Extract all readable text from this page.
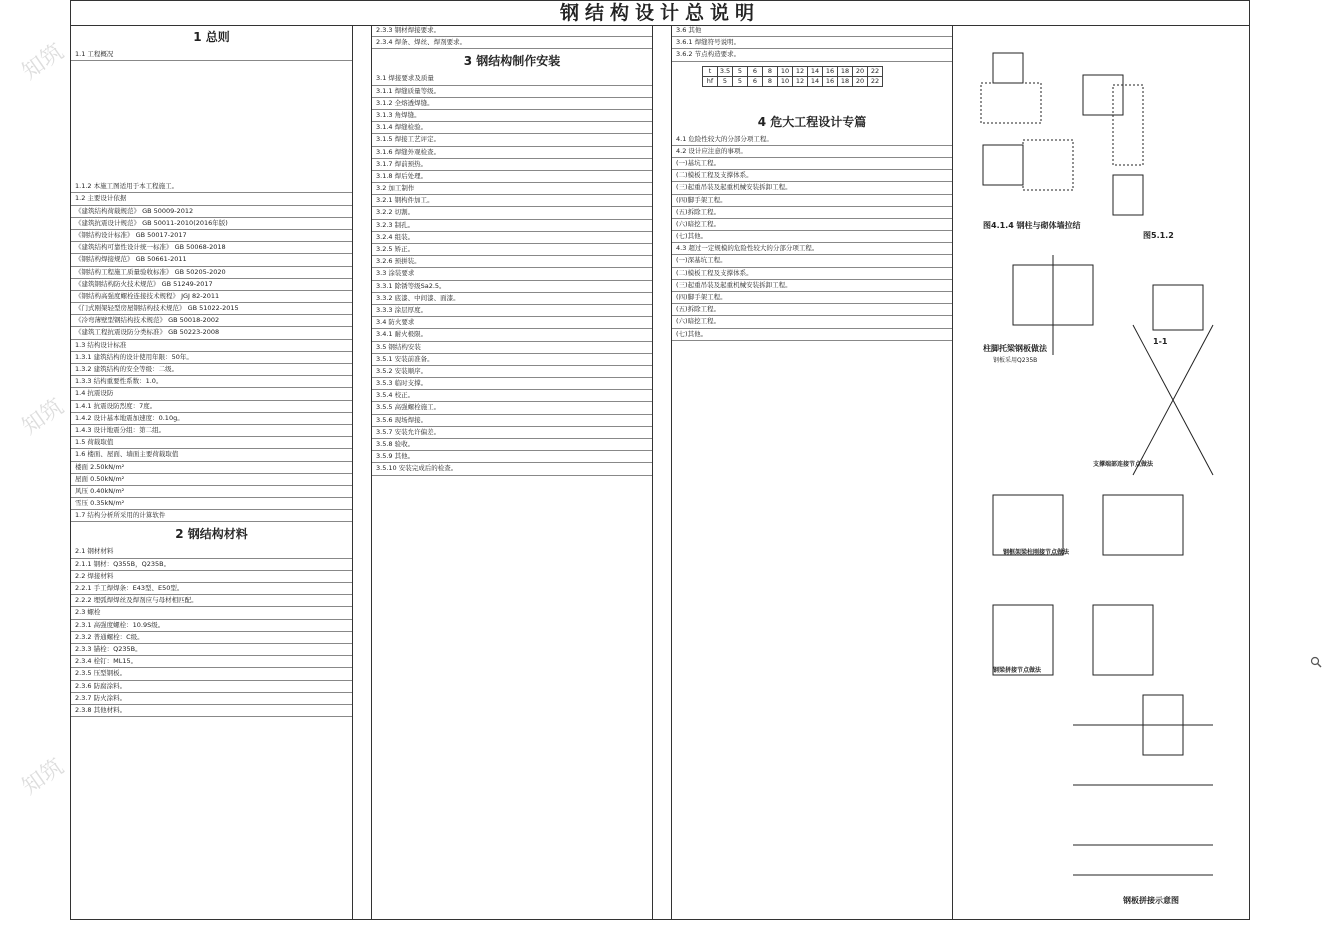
钢结构设计总说明
1 总则
1.1 工程概况
1.1.2 本施工图适用于本工程施工。
1.2 主要设计依据
《建筑结构荷载规范》 GB 50009-2012
《建筑抗震设计规范》 GB 50011-2010(2016年版)
《钢结构设计标准》 GB 50017-2017
《建筑结构可靠性设计统一标准》 GB 50068-2018
《钢结构焊接规范》 GB 50661-2011
《钢结构工程施工质量验收标准》 GB 50205-2020
《建筑钢结构防火技术规范》 GB 51249-2017
《钢结构高强度螺栓连接技术规程》 JGJ 82-2011
《门式刚架轻型房屋钢结构技术规范》 GB 51022-2015
《冷弯薄壁型钢结构技术规范》 GB 50018-2002
《建筑工程抗震设防分类标准》 GB 50223-2008
1.3 结构设计标准
1.3.1 建筑结构的设计使用年限：50年。
1.3.2 建筑结构的安全等级：二级。
1.3.3 结构重要性系数：1.0。
1.4 抗震设防
1.4.1 抗震设防烈度：7度。
1.4.2 设计基本地震加速度：0.10g。
1.4.3 设计地震分组：第二组。
1.5 荷载取值
1.6 楼面、屋面、墙面主要荷载取值
楼面 2.50kN/m²
屋面 0.50kN/m²
风压 0.40kN/m²
雪压 0.35kN/m²
1.7 结构分析所采用的计算软件
2 钢结构材料
2.1 钢材材料
2.1.1 钢材：Q355B，Q235B。
2.2 焊接材料
2.2.1 手工焊焊条：E43型、E50型。
2.2.2 埋弧焊焊丝及焊剂应与母材相匹配。
2.3 螺栓
2.3.1 高强度螺栓：10.9S级。
2.3.2 普通螺栓：C级。
2.3.3 锚栓：Q235B。
2.3.4 栓钉：ML15。
2.3.5 压型钢板。
2.3.6 防腐涂料。
2.3.7 防火涂料。
2.3.8 其他材料。
2.3.3 钢材焊接要求。
2.3.4 焊条、焊丝、焊剂要求。
3 钢结构制作安装
3.1 焊接要求及质量
3.1.1 焊缝质量等级。
3.1.2 全熔透焊缝。
3.1.3 角焊缝。
3.1.4 焊缝检验。
3.1.5 焊接工艺评定。
3.1.6 焊缝外观检查。
3.1.7 焊前预热。
3.1.8 焊后处理。
3.2 加工制作
3.2.1 钢构件加工。
3.2.2 切割。
3.2.3 制孔。
3.2.4 组装。
3.2.5 矫正。
3.2.6 预拼装。
3.3 涂装要求
3.3.1 除锈等级Sa2.5。
3.3.2 底漆、中间漆、面漆。
3.3.3 涂层厚度。
3.4 防火要求
3.4.1 耐火极限。
3.5 钢结构安装
3.5.1 安装前准备。
3.5.2 安装顺序。
3.5.3 临时支撑。
3.5.4 校正。
3.5.5 高强螺栓施工。
3.5.6 现场焊接。
3.5.7 安装允许偏差。
3.5.8 验收。
3.5.9 其他。
3.5.10 安装完成后的检查。
3.6 其他
3.6.1 焊缝符号说明。
3.6.2 节点构造要求。
t	3.5	5	6	8	10	12	14	16	18	20	22
hf	5	5	6	8	10	12	14	16	18	20	22
4 危大工程设计专篇
4.1 危险性较大的分部分项工程。
4.2 设计应注意的事项。
(一)基坑工程。
(二)模板工程及支撑体系。
(三)起重吊装及起重机械安装拆卸工程。
(四)脚手架工程。
(五)拆除工程。
(六)暗挖工程。
(七)其他。
4.3 超过一定规模的危险性较大的分部分项工程。
(一)深基坑工程。
(二)模板工程及支撑体系。
(三)起重吊装及起重机械安装拆卸工程。
(四)脚手架工程。
(五)拆除工程。
(六)暗挖工程。
(七)其他。
图4.1.4 钢柱与砌体墙拉结
图5.1.2
柱脚托梁钢板做法
钢板采用Q235B
1-1
支撑端部连接节点做法
钢框架梁柱刚接节点做法
钢梁拼接节点做法
钢板拼接示意图
知筑
知筑
知筑
